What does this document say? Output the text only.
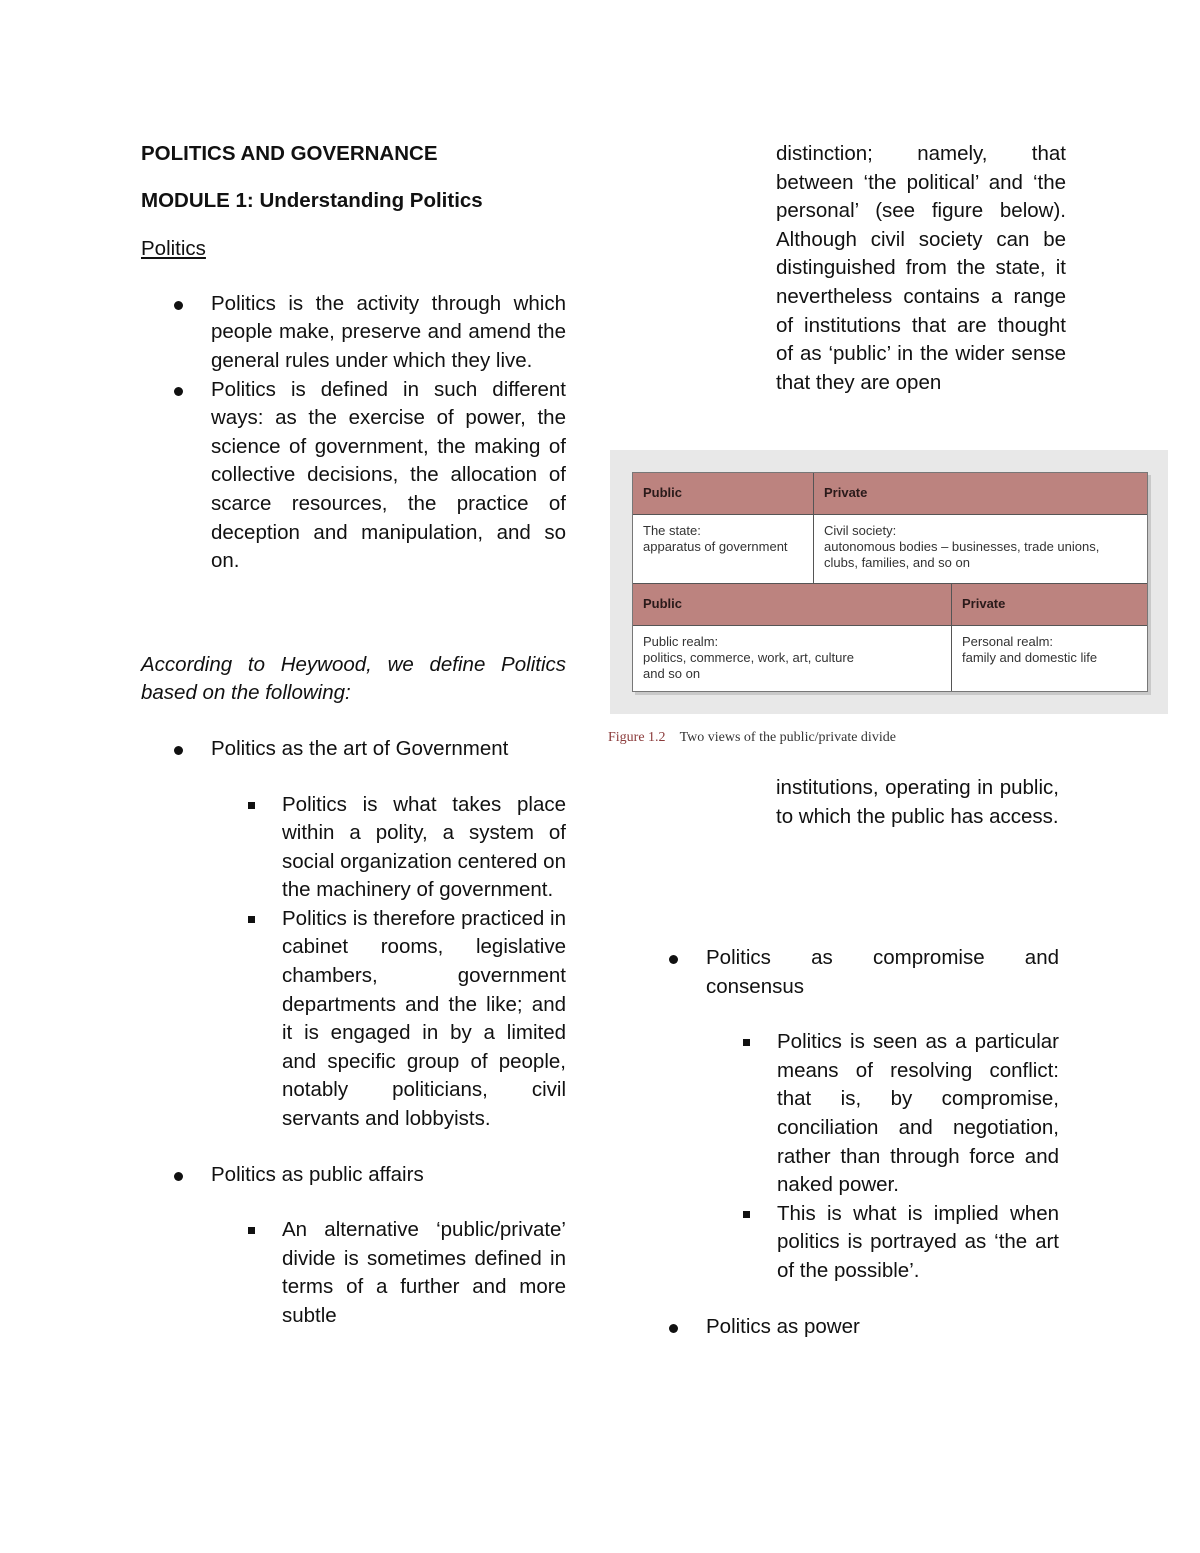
POLITICS AND GOVERNANCE
MODULE 1: Understanding Politics
Politics
Politics is the activity through which people make, preserve and amend the general rules under which they live.
Politics is defined in such different ways: as the exercise of power, the science of government, the making of collective decisions, the allocation of scarce resources, the practice of deception and manipulation, and so on.
According to Heywood, we define Politics based on the following:
Politics as the art of Government
Politics is what takes place within a polity, a system of social organization centered on the machinery of government.
Politics is therefore practiced in cabinet rooms, legislative chambers, government departments and the like; and it is engaged in by a limited and specific group of people, notably politicians, civil servants and lobbyists.
Politics as public affairs
An alternative ‘public/private’ divide is sometimes defined in terms of a further and more subtle

distinction; namely, that between ‘the political’ and ‘the personal’ (see figure below). Although civil society can be distinguished from the state, it nevertheless contains a range of institutions that are thought of as ‘public’ in the wider sense that they are open

Public	Private
The state:
apparatus of government
Civil society:
autonomous bodies – businesses, trade unions,
clubs, families, and so on
Public	Private
Public realm:
politics, commerce, work, art, culture
and so on
Personal realm:
family and domestic life
Figure 1.2 Two views of the public/private divide

institutions, operating in public, to which the public has access.

Politics as compromise and consensus
Politics is seen as a particular means of resolving conflict: that is, by compromise, conciliation and negotiation, rather than through force and naked power.
This is what is implied when politics is portrayed as ‘the art of the possible’.
Politics as power
